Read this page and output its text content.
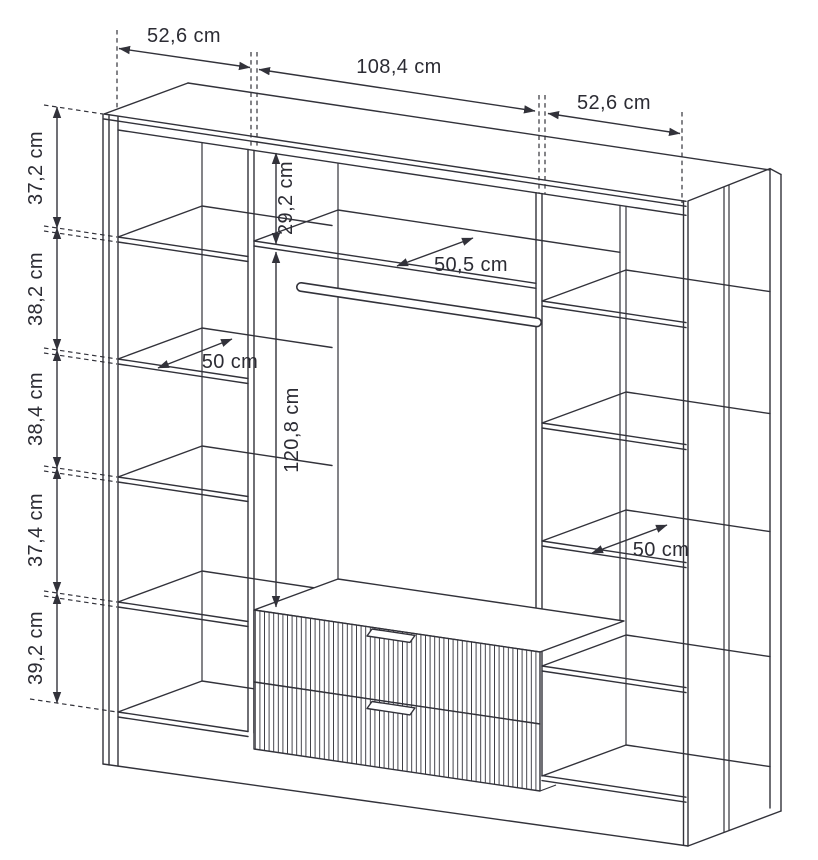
52,6 cm
108,4 cm
52,6 cm
37,2 cm
38,2 cm
38,4 cm
37,4 cm
39,2 cm
29,2 cm
50,5 cm
120,8 cm
50 cm
50 cm
